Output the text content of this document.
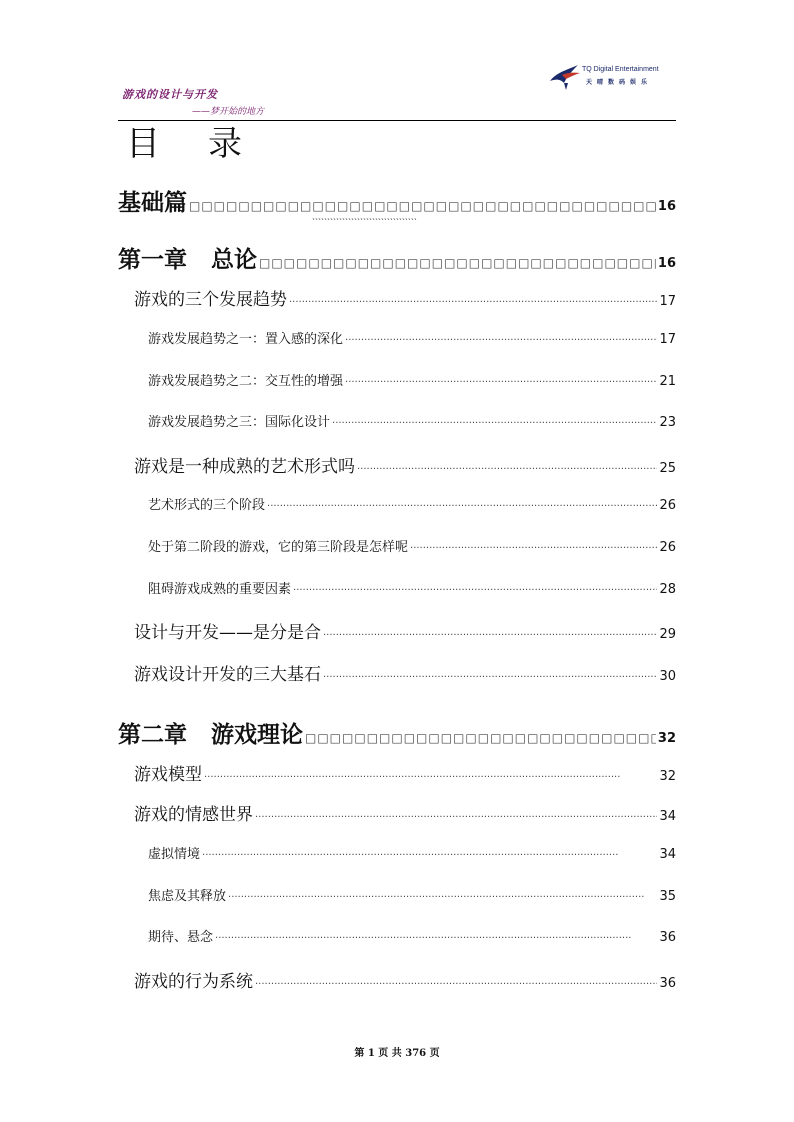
游戏的设计与开发
——梦开始的地方
TQ Digital Entertainment
天晴数码娱乐
目录
基础篇 □□□□□□□□□□□□□□□□□□□□□□□□□□□□□□□□□□□□□□□□□□□□□□□□□□□□□□□□□□□□□□□□□□□□□□□□	16
˴˴˴˴˴˴˴˴˴˴˴˴˴˴˴˴˴˴˴˴˴˴˴˴˴˴˴˴˴˴˴˴˴˴˴
第一章 总论 □□□□□□□□□□□□□□□□□□□□□□□□□□□□□□□□□□□□□□□□□□□□□□□□□□□□□□□□□□□□□□□□□□□□□□□□	16
游戏的三个发展趋势 ·····	17
游戏发展趋势之一：置入感的深化 ·····	17
游戏发展趋势之二：交互性的增强 ·····	21
游戏发展趋势之三：国际化设计 ·····	23
游戏是一种成熟的艺术形式吗 ·····	25
艺术形式的三个阶段 ·····	26
处于第二阶段的游戏，它的第三阶段是怎样呢 ·····	26
阻碍游戏成熟的重要因素 ·····	28
设计与开发——是分是合 ·····	29
游戏设计开发的三大基石 ·····	30
第二章 游戏理论 □□□□□□□□□□□□□□□□□□□□□□□□□□□□□□□□□□□□□□□□□□□□□□□□□□□□□□□□□□□□□□□□□□□□□□□□	32
游戏模型 ·····	32
游戏的情感世界 ·····	34
虚拟情境 ·····	34
焦虑及其释放 ·····	35
期待、悬念 ·····	36
游戏的行为系统 ·····	36
第 1 页 共 376 页
